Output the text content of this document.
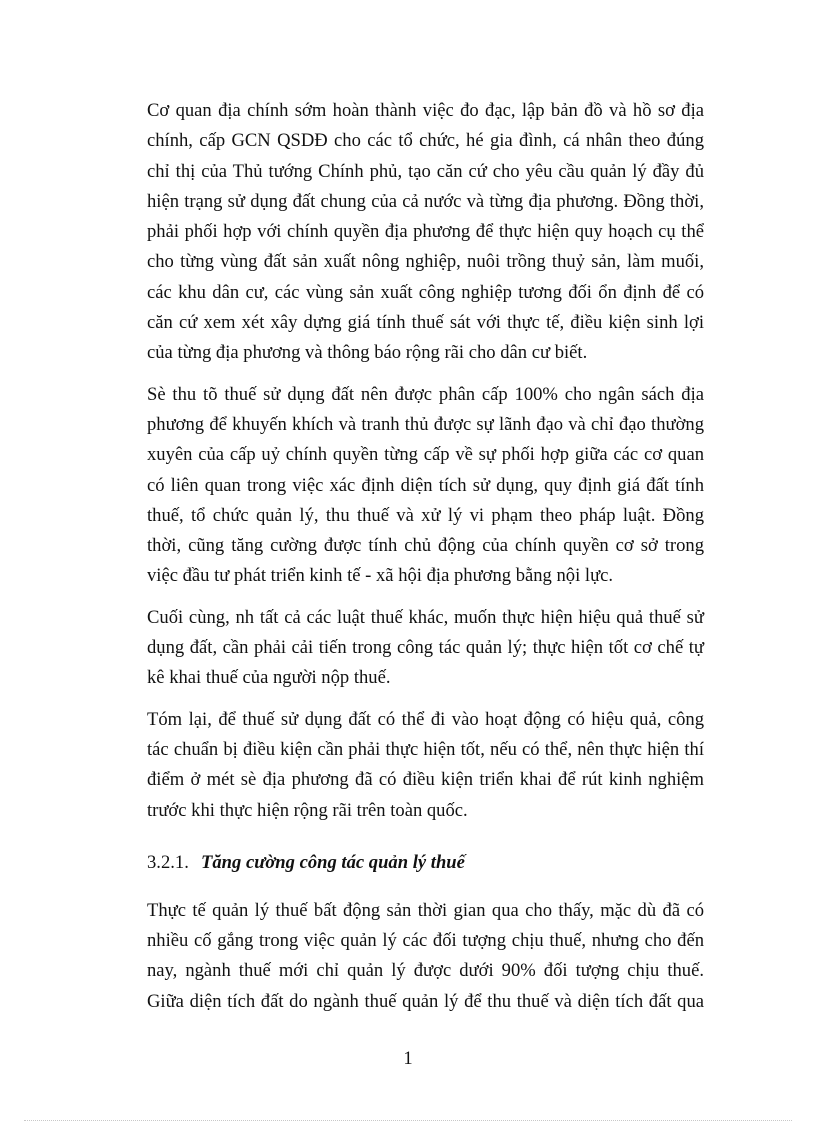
Cơ quan địa chính sớm hoàn thành việc đo đạc, lập bản đồ và hồ sơ địa
chính, cấp GCN QSDĐ cho các tổ chức, hé gia đình, cá nhân theo đúng
chỉ thị của Thủ tướng Chính phủ, tạo căn cứ cho yêu cầu quản lý đầy đủ
hiện trạng sử dụng đất chung của cả nước và từng địa phương. Đồng thời,
phải phối hợp với chính quyền địa phương để thực hiện quy hoạch cụ thể
cho từng vùng đất sản xuất nông nghiệp, nuôi trồng thuỷ sản, làm muối,
các khu dân cư, các vùng sản xuất công nghiệp tương đối ổn định để có
căn cứ xem xét xây dựng giá tính thuế sát với thực tế, điều kiện sinh lợi
của từng địa phương và thông báo rộng rãi cho dân cư biết.

Sè thu tõ thuế sử dụng đất nên được phân cấp 100% cho ngân sách địa
phương để khuyến khích và tranh thủ được sự lãnh đạo và chỉ đạo thường
xuyên của cấp uỷ chính quyền từng cấp về sự phối hợp giữa các cơ quan
có liên quan trong việc xác định diện tích sử dụng, quy định giá đất tính
thuế, tổ chức quản lý, thu thuế và xử lý vi phạm theo pháp luật. Đồng
thời, cũng tăng cường được tính chủ động của chính quyền cơ sở trong
việc đầu tư phát triển kinh tế - xã hội địa phương bằng nội lực.

Cuối cùng, nh tất cả các luật thuế khác, muốn thực hiện hiệu quả thuế sử
dụng đất, cần phải cải tiến trong công tác quản lý; thực hiện tốt cơ chế tự
kê khai thuế của người nộp thuế.

Tóm lại, để thuế sử dụng đất có thể đi vào hoạt động có hiệu quả, công
tác chuẩn bị điều kiện cần phải thực hiện tốt, nếu có thể, nên thực hiện thí
điểm ở mét sè địa phương đã có điều kiện triển khai để rút kinh nghiệm
trước khi thực hiện rộng rãi trên toàn quốc.

3.2.1. Tăng cường công tác quản lý thuế

Thực tế quản lý thuế bất động sản thời gian qua cho thấy, mặc dù đã có
nhiều cố gắng trong việc quản lý các đối tượng chịu thuế, nhưng cho đến
nay, ngành thuế mới chỉ quản lý được dưới 90% đối tượng chịu thuế.
Giữa diện tích đất do ngành thuế quản lý để thu thuế và diện tích đất qua

1
